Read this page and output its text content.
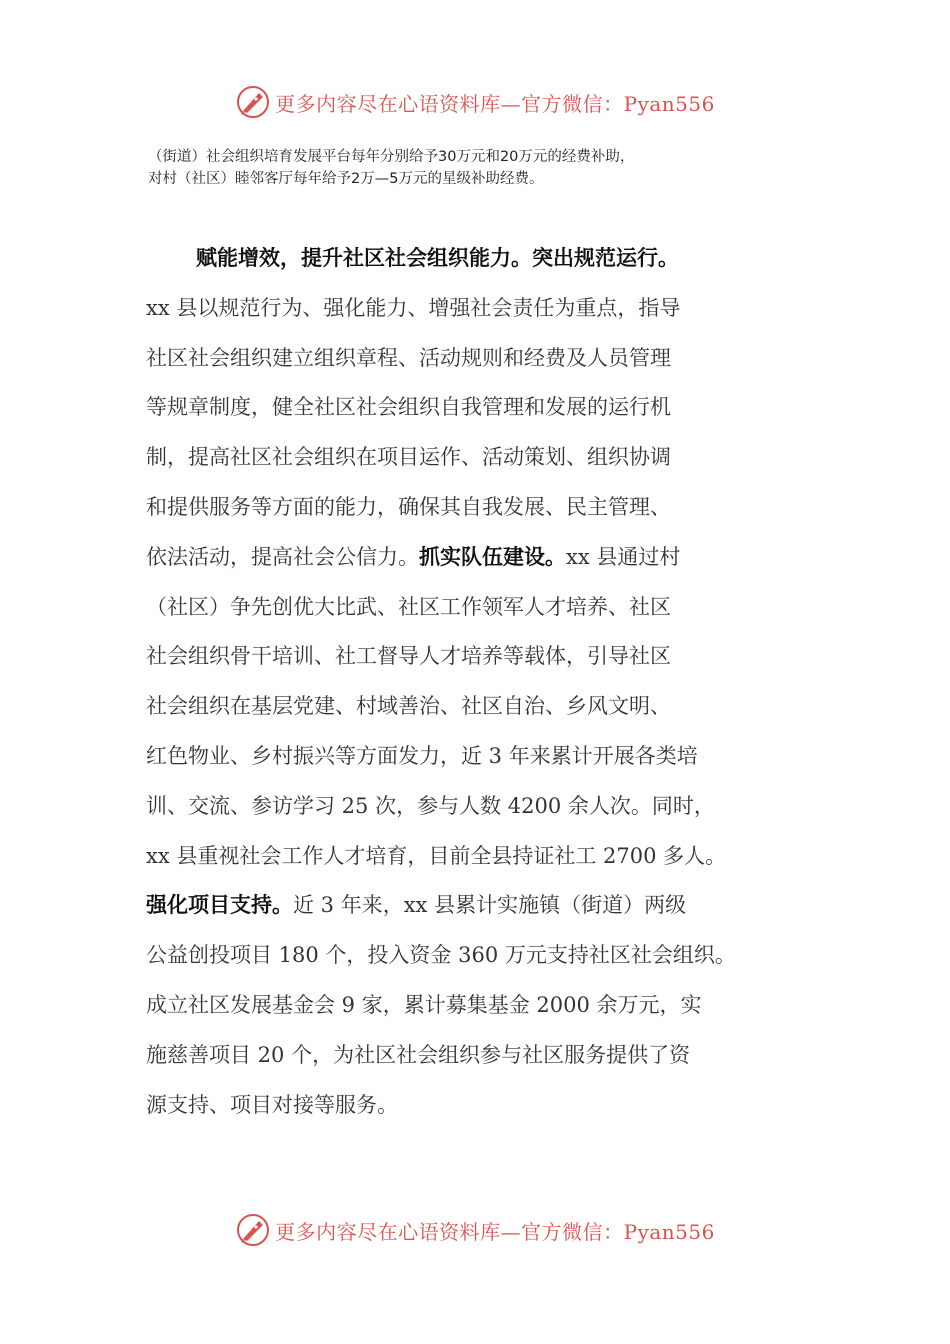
更多内容尽在心语资料库—官方微信：Pyan556

（街道）社会组织培育发展平台每年分别给予30万元和20万元的经费补助，

对村（社区）睦邻客厅每年给予2万—5万元的星级补助经费。

赋能增效，提升社区社会组织能力。突出规范运行。
xx 县以规范行为、强化能力、增强社会责任为重点，指导
社区社会组织建立组织章程、活动规则和经费及人员管理
等规章制度，健全社区社会组织自我管理和发展的运行机
制，提高社区社会组织在项目运作、活动策划、组织协调
和提供服务等方面的能力，确保其自我发展、民主管理、
依法活动，提高社会公信力。抓实队伍建设。xx 县通过村
（社区）争先创优大比武、社区工作领军人才培养、社区
社会组织骨干培训、社工督导人才培养等载体，引导社区
社会组织在基层党建、村域善治、社区自治、乡风文明、
红色物业、乡村振兴等方面发力，近 3 年来累计开展各类培
训、交流、参访学习 25 次，参与人数 4200 余人次。同时，
xx 县重视社会工作人才培育，目前全县持证社工 2700 多人。
强化项目支持。近 3 年来，xx 县累计实施镇（街道）两级
公益创投项目 180 个，投入资金 360 万元支持社区社会组织。
成立社区发展基金会 9 家，累计募集基金 2000 余万元，实
施慈善项目 20 个，为社区社会组织参与社区服务提供了资
源支持、项目对接等服务。
更多内容尽在心语资料库—官方微信：Pyan556
